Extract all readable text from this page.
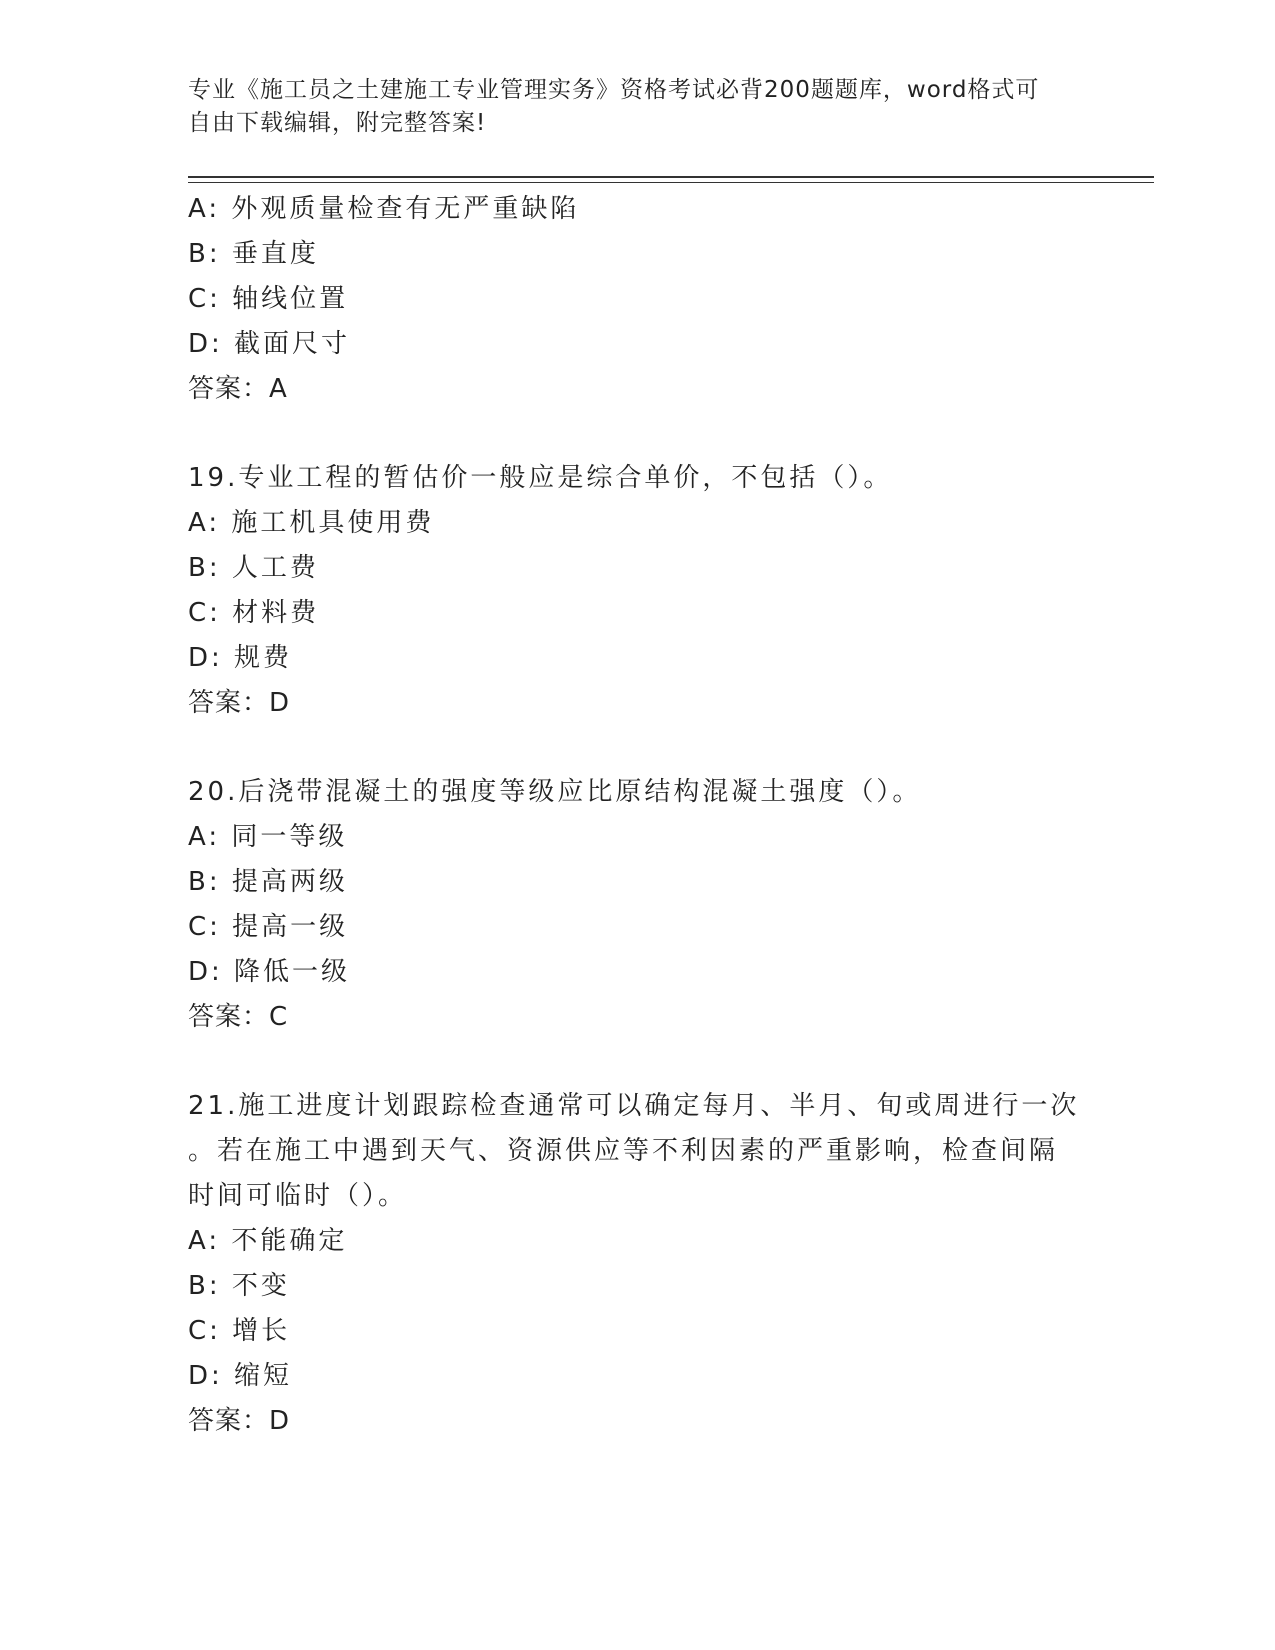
专业《施工员之土建施工专业管理实务》资格考试必背200题题库，word格式可
自由下载编辑，附完整答案!
A: 外观质量检查有无严重缺陷
B: 垂直度
C: 轴线位置
D: 截面尺寸
答案：A
19.专业工程的暂估价一般应是综合单价，不包括（）。
A: 施工机具使用费
B: 人工费
C: 材料费
D: 规费
答案：D
20.后浇带混凝土的强度等级应比原结构混凝土强度（）。
A: 同一等级
B: 提高两级
C: 提高一级
D: 降低一级
答案：C
21.施工进度计划跟踪检查通常可以确定每月、半月、旬或周进行一次
。若在施工中遇到天气、资源供应等不利因素的严重影响，检查间隔
时间可临时（）。
A: 不能确定
B: 不变
C: 增长
D: 缩短
答案：D
